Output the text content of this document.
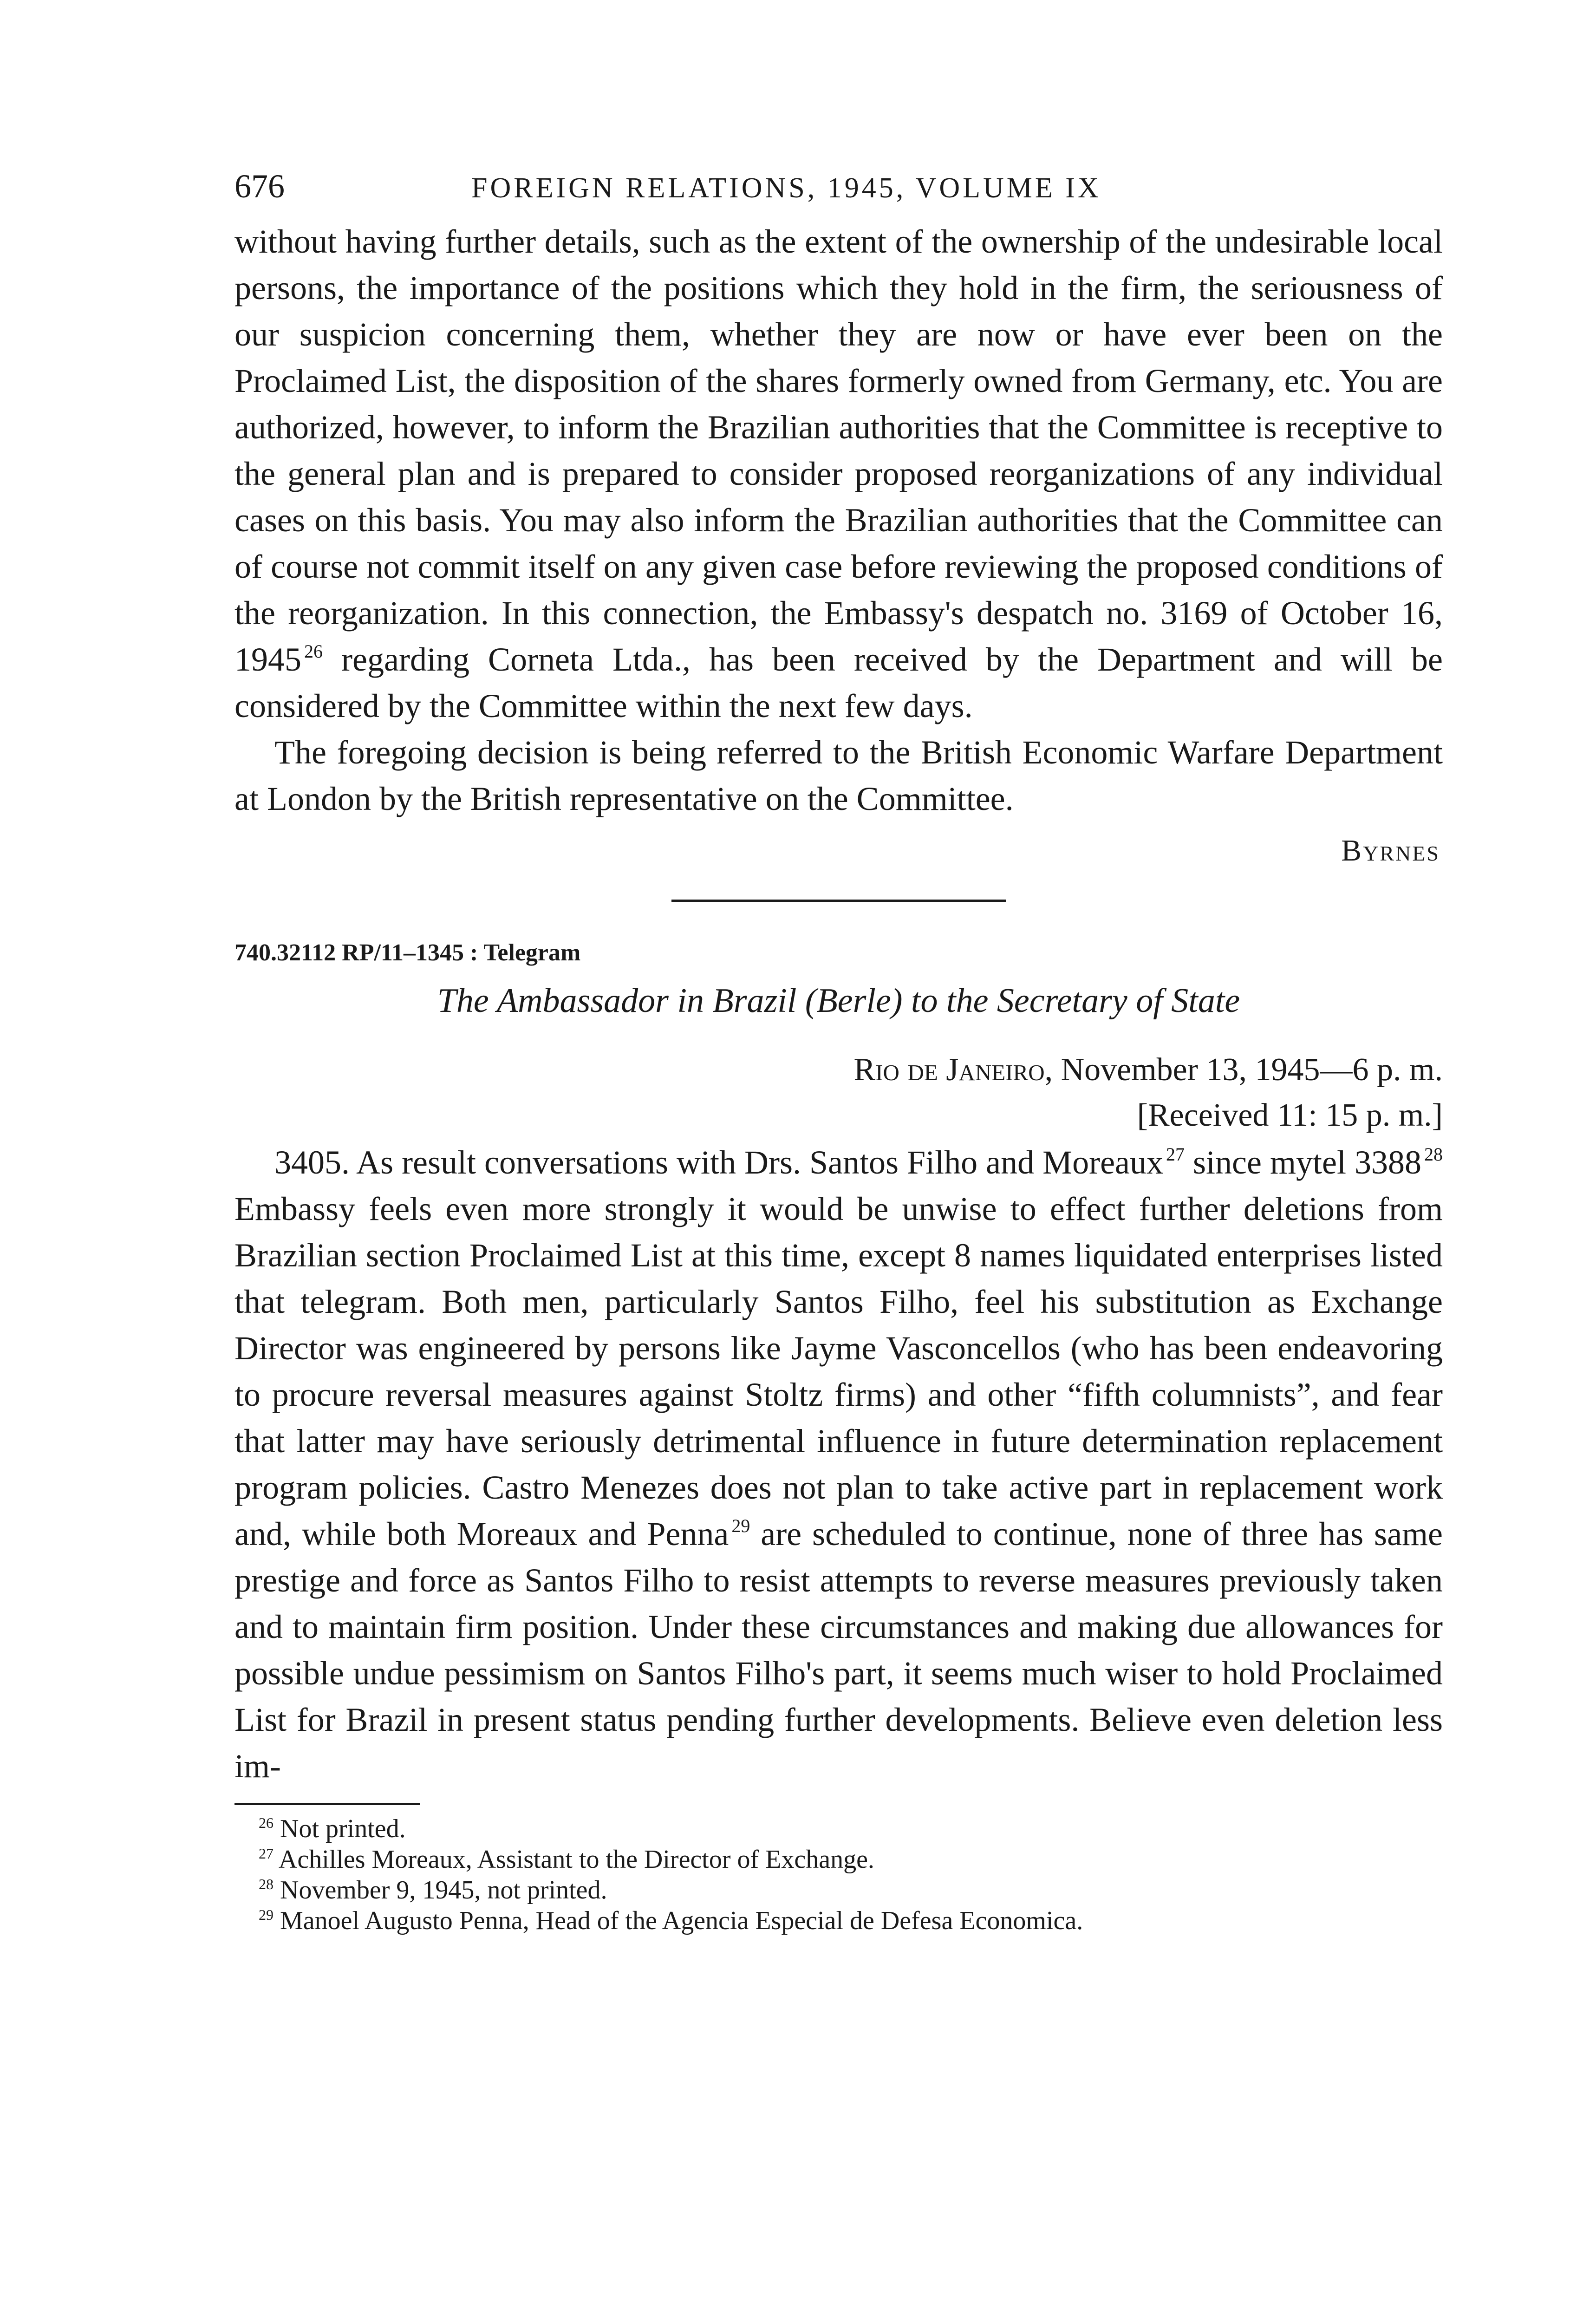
676	FOREIGN RELATIONS, 1945, VOLUME IX

without having further details, such as the extent of the ownership of the undesirable local persons, the importance of the positions which they hold in the firm, the seriousness of our suspicion concerning them, whether they are now or have ever been on the Proclaimed List, the disposition of the shares formerly owned from Germany, etc. You are authorized, however, to inform the Brazilian authorities that the Committee is receptive to the general plan and is prepared to consider proposed reorganizations of any individual cases on this basis. You may also inform the Brazilian authorities that the Committee can of course not commit itself on any given case before reviewing the proposed conditions of the reorganization. In this connection, the Embassy's despatch no. 3169 of October 16, 1945  $^{26}$ regarding Corneta Ltda., has been received by the Department and will be considered by the Committee within the next few days.

The foregoing decision is being referred to the British Economic Warfare Department at London by the British representative on the Committee.

Byrnes
740.32112 RP/11–1345 : Telegram
The Ambassador in Brazil (Berle) to the Secretary of State
Rio de Janeiro, November 13, 1945—6 p. m.
[Received 11: 15 p. m.]

3405. As result conversations with Drs. Santos Filho and Moreaux  $^{27}$ since mytel 3388  $^{28}$ Embassy feels even more strongly it would be unwise to effect further deletions from Brazilian section Proclaimed List at this time, except 8 names liquidated enterprises listed that telegram. Both men, particularly Santos Filho, feel his substitution as Exchange Director was engineered by persons like Jayme Vasconcellos (who has been endeavoring to procure reversal measures against Stoltz firms) and other “fifth columnists”, and fear that latter may have seriously detrimental influence in future determination replacement program policies. Castro Menezes does not plan to take active part in replacement work and, while both Moreaux and Penna  $^{29}$ are scheduled to continue, none of three has same prestige and force as Santos Filho to resist attempts to reverse measures previously taken and to maintain firm position. Under these circumstances and making due allowances for possible undue pessimism on Santos Filho's part, it seems much wiser to hold Proclaimed List for Brazil in present status pending further developments. Believe even deletion less im-

$^{26}$ Not printed.
$^{27}$ Achilles Moreaux, Assistant to the Director of Exchange.
$^{28}$ November 9, 1945, not printed.
$^{29}$ Manoel Augusto Penna, Head of the Agencia Especial de Defesa Economica.
